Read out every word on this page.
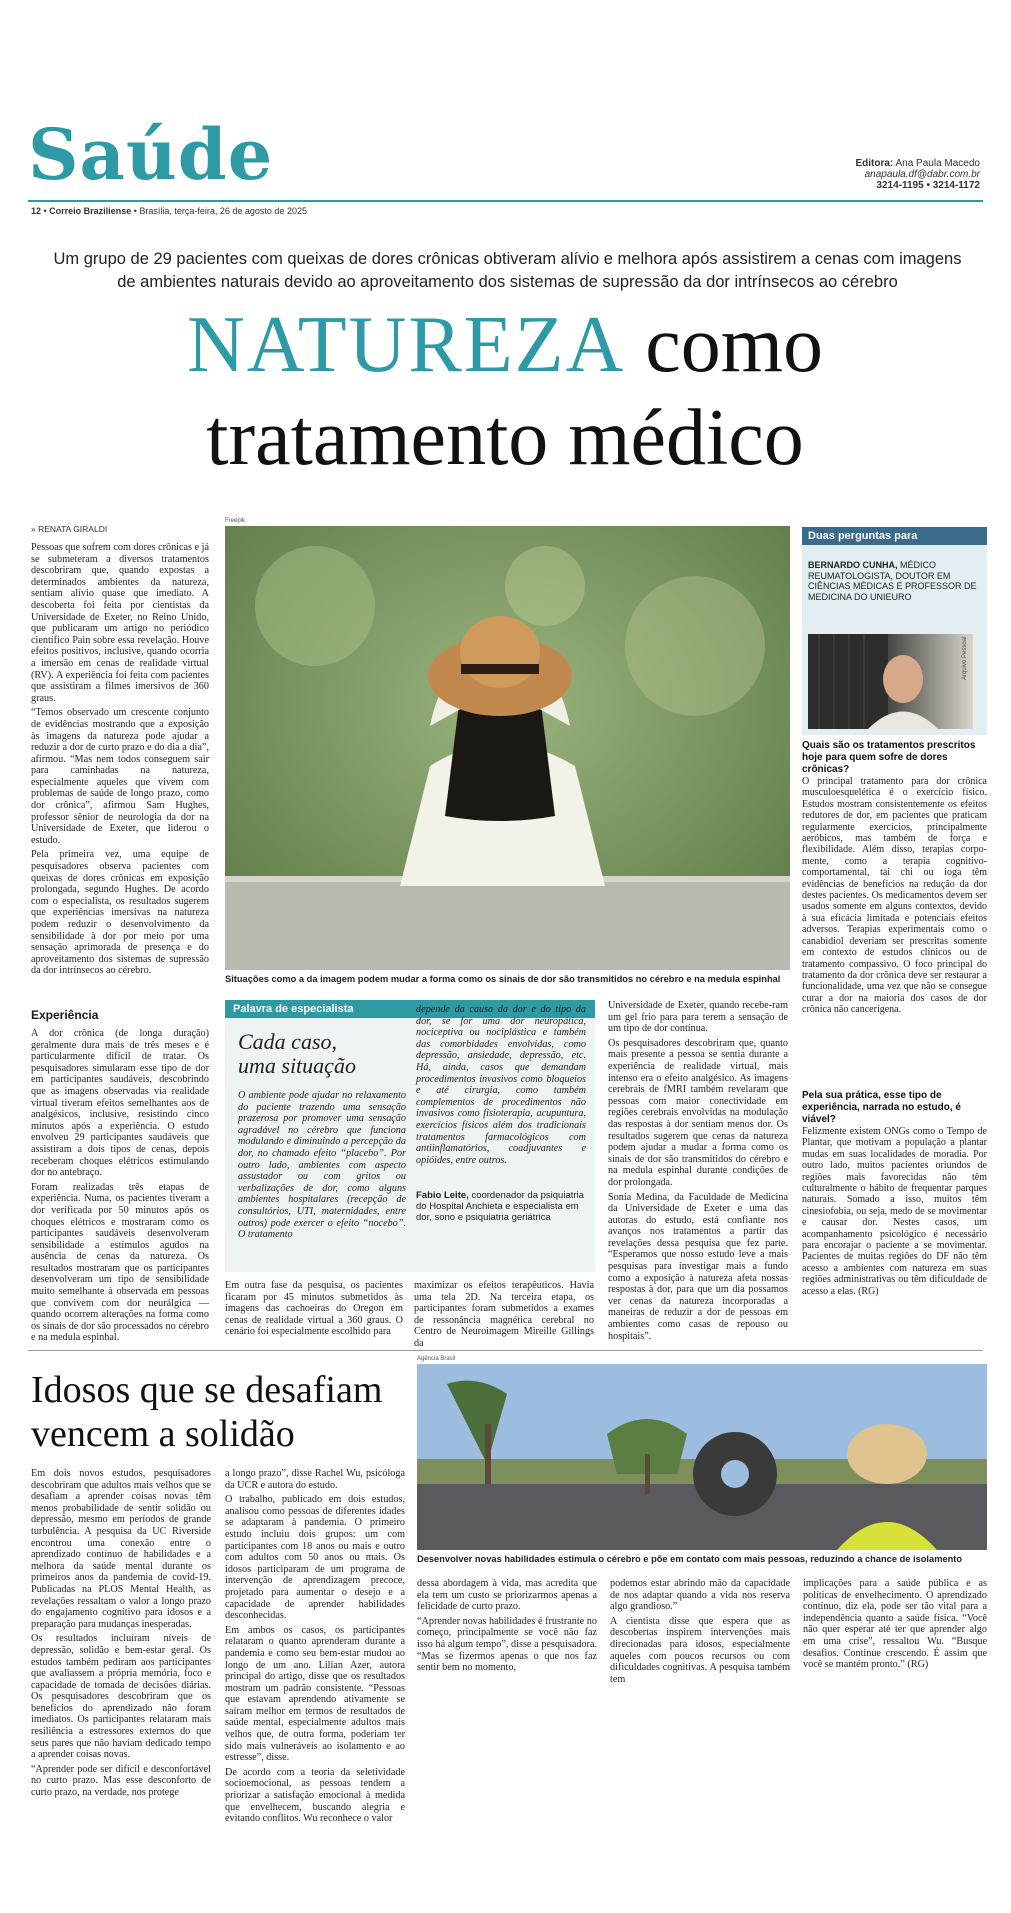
Saúde
12 • Correio Braziliense • Brasília, terça-feira, 26 de agosto de 2025
Editora: Ana Paula Macedo
anapaula.df@dabr.com.br
3214-1195 • 3214-1172
Um grupo de 29 pacientes com queixas de dores crônicas obtiveram alívio e melhora após assistirem a cenas com imagens
de ambientes naturais devido ao aproveitamento dos sistemas de supressão da dor intrínsecos ao cérebro
NATUREZA como
tratamento médico
» RENATA GIRALDI
Freepik
Situações como a da imagem podem mudar a forma como os sinais de dor são transmitidos no cérebro e na medula espinhal

Pessoas que sofrem com dores crônicas e já se submeteram a diversos tratamentos descobriram que, quando expostas a determinados ambientes da natureza, sentiam alívio quase que imediato. A descoberta foi feita por cientistas da Universidade de Exeter, no Reino Unido, que publicaram um artigo no periódico científico Pain sobre essa revelação. Houve efeitos positivos, inclusive, quando ocorria a imersão em cenas de realidade virtual (RV). A experiência foi feita com pacientes que assistiram a filmes imersivos de 360 graus.

“Temos observado um crescente conjunto de evidências mostrando que a exposição às imagens da natureza pode ajudar a reduzir a dor de curto prazo e do dia a dia”, afirmou. “Mas nem todos conseguem sair para caminhadas na natureza, especialmente aqueles que vivem com problemas de saúde de longo prazo, como dor crônica”, afirmou Sam Hughes, professor sênior de neurologia da dor na Universidade de Exeter, que liderou o estudo.

Pela primeira vez, uma equipe de pesquisadores observa pacientes com queixas de dores crônicas em exposição prolongada, segundo Hughes. De acordo com o especialista, os resultados sugerem que experiências imersivas na natureza podem reduzir o desenvolvimento da sensibilidade à dor por meio por uma sensação aprimorada de presença e do aproveitamento dos sistemas de supressão da dor intrínsecos ao cérebro.

Experiência

A dor crônica (de longa duração) geralmente dura mais de três meses e é particularmente difícil de tratar. Os pesquisadores simularam esse tipo de dor em participantes saudáveis, descobrindo que as imagens observadas via realidade virtual tiveram efeitos semelhantes aos de analgésicos, inclusive, resistindo cinco minutos após a experiência. O estudo envolveu 29 participantes saudáveis que assistiram a dois tipos de cenas, depois receberam choques elétricos estimulando dor no antebraço.

Foram realizadas três etapas de experiência. Numa, os pacientes tiveram a dor verificada por 50 minutos após os choques elétricos e mostraram como os participantes saudáveis desenvolveram sensibilidade a estímulos agudos na ausência de cenas da natureza. Os resultados mostraram que os participantes desenvolveram um tipo de sensibilidade muito semelhante à observada em pessoas que convivem com dor neurálgica — quando ocorrem alterações na forma como os sinais de dor são processados no cérebro e na medula espinhal.

Palavra de especialista
Cada caso,
uma situação
O ambiente pode ajudar no relaxamento do paciente trazendo uma sensação prazerosa por promover uma sensação agradável no cérebro que funciona modulando e diminuindo a percepção da dor, no chamado efeito “placebo”. Por outro lado, ambientes com aspecto assustador ou com gritos ou verbalizações de dor, como alguns ambientes hospitalares (recepção de consultórios, UTI, maternidades, entre outros) pode exercer o efeito “nocebo”. O tratamento
depende da causa da dor e do tipo da dor, se for uma dor neuropática, nociceptiva ou nociplástica e também das comorbidades envolvidas, como depressão, ansiedade, depressão, etc. Há, ainda, casos que demandam procedimentos invasivos como bloqueios e até cirurgia, como também complementos de procedimentos não invasivos como fisioterapia, acupuntura, exercícios físicos além dos tradicionais tratamentos farmacológicos com antiinflamatórios, coadjuvantes e opióides, entre outros.
Fabio Leite, coordenador da psiquiatria do Hospital Anchieta e especialista em dor, sono e psiquiatria geriátrica
Em outra fase da pesquisa, os pacientes ficaram por 45 minutos submetidos às imagens das cachoeiras do Oregon em cenas de realidade virtual a 360 graus. O cenário foi especialmente escolhido para
maximizar os efeitos terapêuticos. Havia uma tela 2D. Na terceira etapa, os participantes foram submetidos a exames de ressonância magnética cerebral no Centro de Neuroimagem Mireille Gillings da

Universidade de Exeter, quando recebe-ram um gel frio para para terem a sensação de um tipo de dor contínua.

Os pesquisadores descobriram que, quanto mais presente a pessoa se sentia durante a experiência de realidade virtual, mais intenso era o efeito analgésico. As imagens cerebrais de fMRI também revelaram que pessoas com maior conectividade em regiões cerebrais envolvidas na modulação das respostas à dor sentiam menos dor. Os resultados sugerem que cenas da natureza podem ajudar a mudar a forma como os sinais de dor são transmitidos do cérebro e na medula espinhal durante condições de dor prolongada.

Sonia Medina, da Faculdade de Medicina da Universidade de Exeter e uma das autoras do estudo, está confiante nos avanços nos tratamentos a partir das revelações dessa pesquisa que fez parte. “Esperamos que nosso estudo leve a mais pesquisas para investigar mais a fundo como a exposição à natureza afeta nossas respostas à dor, para que um dia possamos ver cenas da natureza incorporadas a maneiras de reduzir a dor de pessoas em ambientes como casas de repouso ou hospitais”.

Duas perguntas para
BERNARDO CUNHA, MÉDICO REUMATOLOGISTA, DOUTOR EM CIÊNCIAS MÉDICAS E PROFESSOR DE MEDICINA DO UNIEURO
Arquivo Pessoal
Quais são os tratamentos prescritos hoje para quem sofre de dores crônicas?
O principal tratamento para dor crônica musculoesquelética é o exercício físico. Estudos mostram consistentemente os efeitos redutores de dor, em pacientes que praticam regularmente exercícios, principalmente aeróbicos, mas também de força e flexibilidade. Além disso, terapias corpo-mente, como a terapia cognitivo-comportamental, tai chi ou ioga têm evidências de benefícios na redução da dor destes pacientes. Os medicamentos devem ser usados somente em alguns contextos, devido à sua eficácia limitada e potenciais efeitos adversos. Terapias experimentais como o canabidiol deveriam ser prescritas somente em contexto de estudos clínicos ou de tratamento compassivo. O foco principal do tratamento da dor crônica deve ser restaurar a funcionalidade, uma vez que não se consegue curar a dor na maioria dos casos de dor crônica não cancerígena.
Pela sua prática, esse tipo de experiência, narrada no estudo, é viável?
Felizmente existem ONGs como o Tempo de Plantar, que motivam a população a plantar mudas em suas localidades de moradia. Por outro lado, muitos pacientes oriundos de regiões mais favorecidas não têm culturalmente o hábito de frequentar parques naturais. Somado a isso, muitos têm cinesiofobia, ou seja, medo de se movimentar e causar dor. Nestes casos, um acompanhamento psicológico é necessário para encorajar o paciente a se movimentar. Pacientes de muitas regiões do DF não têm acesso a ambientes com natureza em suas regiões administrativas ou têm dificuldade de acesso a elas. (RG)
Idosos que se desafiam
vencem a solidão
Agência Brasil
Desenvolver novas habilidades estimula o cérebro e põe em contato com mais pessoas, reduzindo a chance de isolamento

Em dois novos estudos, pesquisadores descobriram que adultos mais velhos que se desafiam a aprender coisas novas têm menos probabilidade de sentir solidão ou depressão, mesmo em períodos de grande turbulência. A pesquisa da UC Riverside encontrou uma conexão entre o aprendizado contínuo de habilidades e a melhora da saúde mental durante os primeiros anos da pandemia de covid-19. Publicadas na PLOS Mental Health, as revelações ressaltam o valor a longo prazo do engajamento cognitivo para idosos e a preparação para mudanças inesperadas.

Os resultados incluíram níveis de depressão, solidão e bem-estar geral. Os estudos também pediram aos participantes que avaliassem a própria memória, foco e capacidade de tomada de decisões diárias. Os pesquisadores descobriram que os benefícios do aprendizado não foram imediatos. Os participantes relataram mais resiliência a estressores externos do que seus pares que não haviam dedicado tempo a aprender coisas novas.

“Aprender pode ser difícil e desconfortável no curto prazo. Mas esse desconforto de curto prazo, na verdade, nos protege

a longo prazo”, disse Rachel Wu, psicóloga da UCR e autora do estudo.

O trabalho, publicado em dois estudos, analisou como pessoas de diferentes idades se adaptaram à pandemia. O primeiro estudo incluiu dois grupos: um com participantes com 18 anos ou mais e outro com adultos com 50 anos ou mais. Os idosos participaram de um programa de intervenção de aprendizagem precoce, projetado para aumentar o desejo e a capacidade de aprender habilidades desconhecidas.

Em ambos os casos, os participantes relataram o quanto aprenderam durante a pandemia e como seu bem-estar mudou ao longo de um ano. Lilian Azer, autora principal do artigo, disse que os resultados mostram um padrão consistente. “Pessoas que estavam aprendendo ativamente se saíram melhor em termos de resultados de saúde mental, especialmente adultos mais velhos que, de outra forma, poderiam ter sido mais vulneráveis ao isolamento e ao estresse”, disse.

De acordo com a teoria da seletividade socioemocional, as pessoas tendem a priorizar a satisfação emocional à medida que envelhecem, buscando alegria e evitando conflitos. Wu reconhece o valor

dessa abordagem à vida, mas acredita que ela tem um custo se priorizarmos apenas a felicidade de curto prazo.

“Aprender novas habilidades é frustrante no começo, principalmente se você não faz isso há algum tempo”, disse a pesquisadora. “Mas se fizermos apenas o que nos faz sentir bem no momento,

podemos estar abrindo mão da capacidade de nos adaptar quando a vida nos reserva algo grandioso.”

A cientista disse que espera que as descobertas inspirem intervenções mais direcionadas para idosos, especialmente aqueles com poucos recursos ou com dificuldades cognitivas. A pesquisa também tem

implicações para a saúde pública e as políticas de envelhecimento. O aprendizado contínuo, diz ela, pode ser tão vital para a independência quanto a saúde física. “Você não quer esperar até ter que aprender algo em uma crise”, ressaltou Wu. “Busque desafios. Continue crescendo. É assim que você se mantém pronto.” (RG)
